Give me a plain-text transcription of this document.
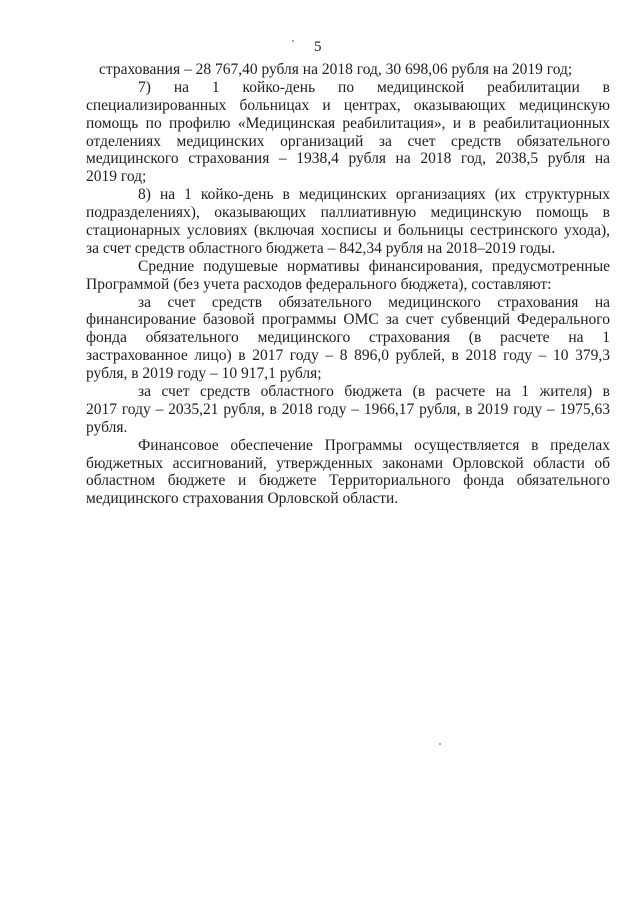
5

страхования – 28 767,40 рубля на 2018 год, 30 698,06 рубля на 2019 год;

7) на 1 койко-день по медицинской реабилитации в
специализированных больницах и центрах, оказывающих медицинскую
помощь по профилю «Медицинская реабилитация», и в реабилитационных
отделениях медицинских организаций за счет средств обязательного
медицинского страхования – 1938,4 рубля на 2018 год, 2038,5 рубля на
2019 год;

8) на 1 койко-день в медицинских организациях (их структурных
подразделениях), оказывающих паллиативную медицинскую помощь в
стационарных условиях (включая хосписы и больницы сестринского ухода),
за счет средств областного бюджета – 842,34 рубля на 2018–2019 годы.

Средние подушевые нормативы финансирования, предусмотренные
Программой (без учета расходов федерального бюджета), составляют:

за счет средств обязательного медицинского страхования на
финансирование базовой программы ОМС за счет субвенций Федерального
фонда обязательного медицинского страхования (в расчете на 1
застрахованное лицо) в 2017 году – 8 896,0 рублей, в 2018 году – 10 379,3
рубля, в 2019 году – 10 917,1 рубля;

за счет средств областного бюджета (в расчете на 1 жителя) в
2017 году – 2035,21 рубля, в 2018 году – 1966,17 рубля, в 2019 году – 1975,63
рубля.

Финансовое обеспечение Программы осуществляется в пределах
бюджетных ассигнований, утвержденных законами Орловской области об
областном бюджете и бюджете Территориального фонда обязательного
медицинского страхования Орловской области.
